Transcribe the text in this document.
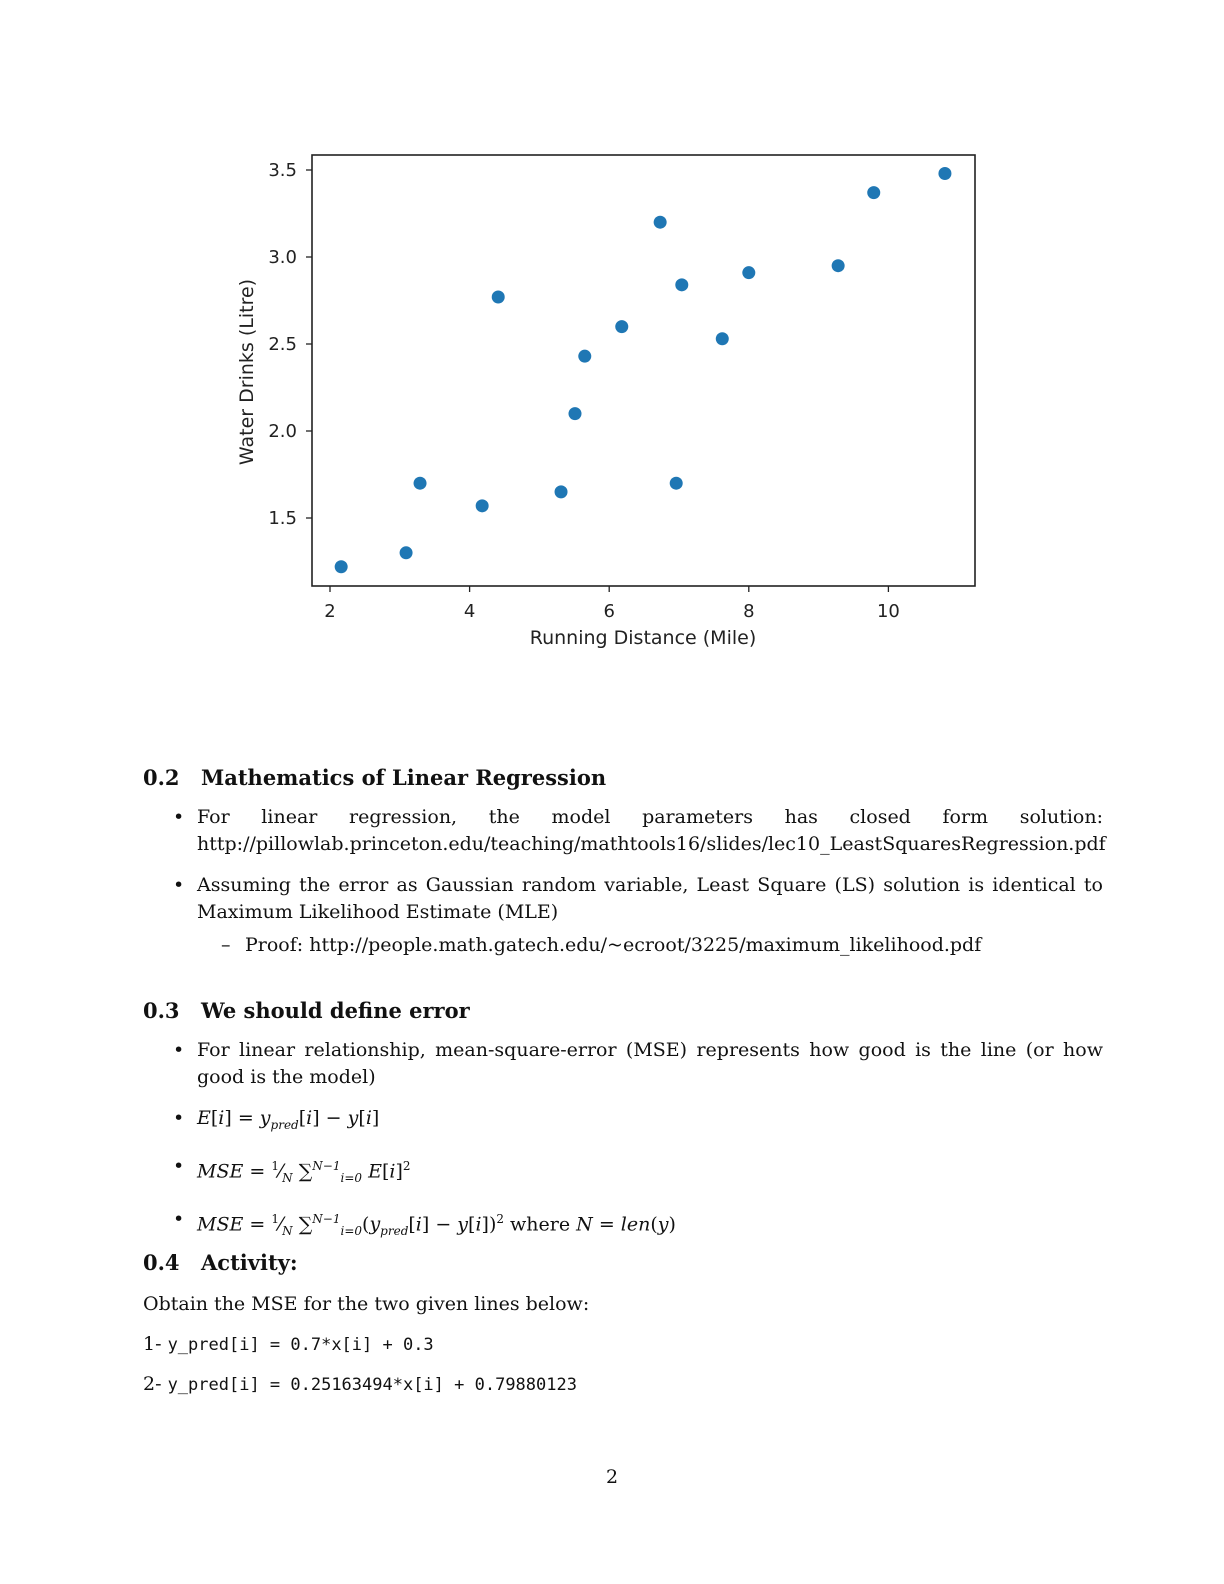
2	4	6	8	10
1.5
2.0
2.5
3.0
3.5
Running Distance (Mile)
Water Drinks (Litre)
0.2 Mathematics of Linear Regression
• For linear regression, the model parameters has closed form solution:
http://pillowlab.princeton.edu/teaching/mathtools16/slides/lec10_LeastSquaresRegression.pdf
• Assuming the error as Gaussian random variable, Least Square (LS) solution is identical to
Maximum Likelihood Estimate (MLE)
– Proof: http://people.math.gatech.edu/~ecroot/3225/maximum_likelihood.pdf
0.3 We should define error
• For linear relationship, mean-square-error (MSE) represents how good is the line (or how
good is the model)
• $E[i] = y_{pred}[i] - y[i]$
• MSE = $^1⁄_N$ ∑$^{N-1}_{i=0}$ $E[i]^2$
• MSE = $^1⁄_N$ $\sum^{N-1}_{i=0}(y_{pred}[i] - y[i])^2$ where N = len(y)
0.4 Activity:
Obtain the MSE for the two given lines below:
1- y_pred[i] = 0.7*x[i] + 0.3
2- y_pred[i] = 0.25163494*x[i] + 0.79880123
2
